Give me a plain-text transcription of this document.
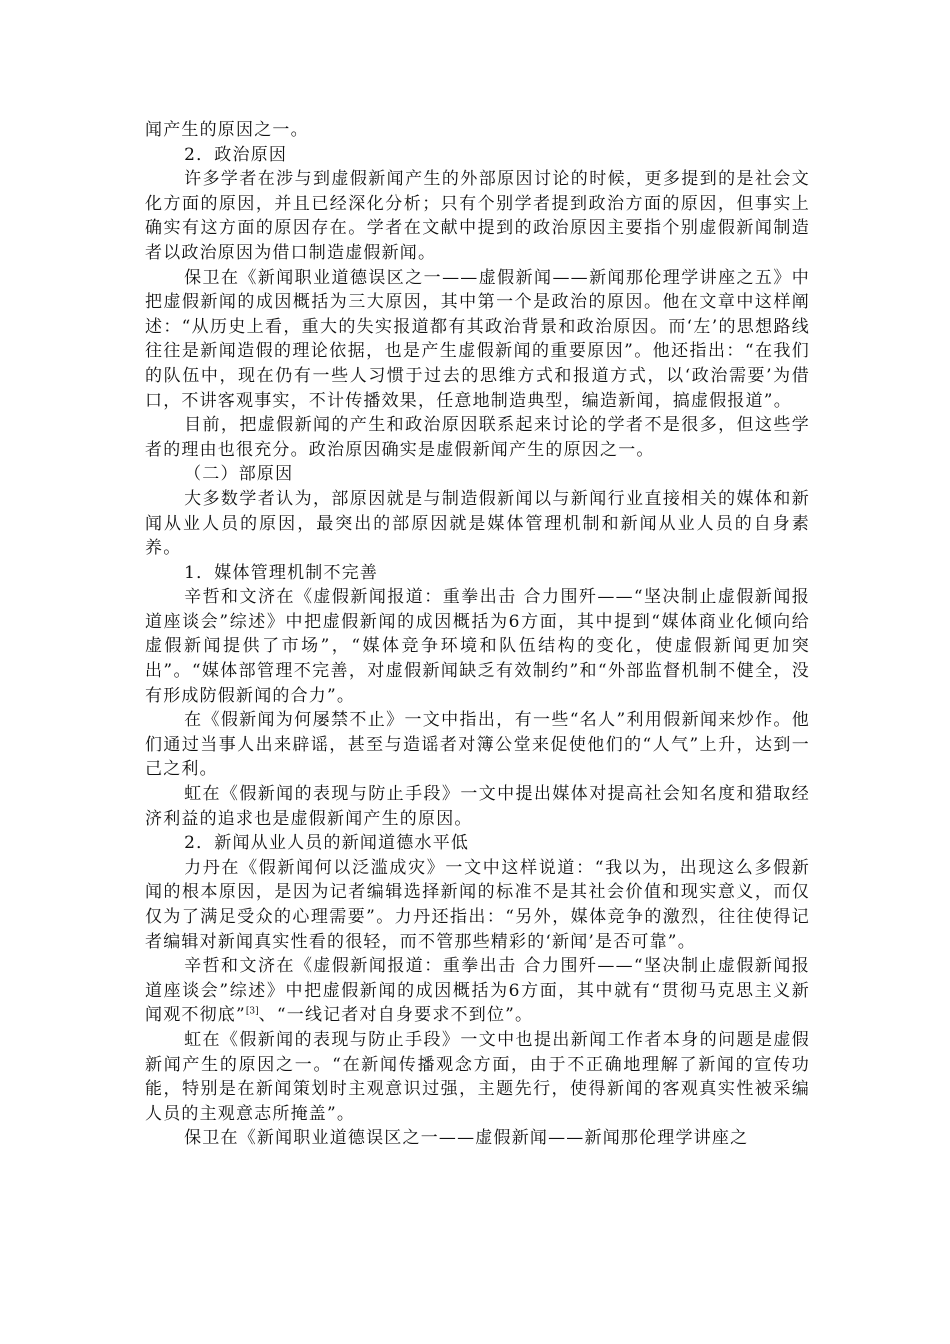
闻产生的原因之一。

2．政治原因

许多学者在涉与到虚假新闻产生的外部原因讨论的时候，更多提到的是社会文化方面的原因，并且已经深化分析；只有个别学者提到政治方面的原因，但事实上确实有这方面的原因存在。学者在文献中提到的政治原因主要指个别虚假新闻制造者以政治原因为借口制造虚假新闻。

保卫在《新闻职业道德误区之一——虚假新闻——新闻那伦理学讲座之五》中把虚假新闻的成因概括为三大原因，其中第一个是政治的原因。他在文章中这样阐述：“从历史上看，重大的失实报道都有其政治背景和政治原因。而‘左’的思想路线往往是新闻造假的理论依据，也是产生虚假新闻的重要原因”。他还指出：“在我们的队伍中，现在仍有一些人习惯于过去的思维方式和报道方式，以‘政治需要’为借口，不讲客观事实，不计传播效果，任意地制造典型，编造新闻，搞虚假报道”。

目前，把虚假新闻的产生和政治原因联系起来讨论的学者不是很多，但这些学者的理由也很充分。政治原因确实是虚假新闻产生的原因之一。

（二）部原因

大多数学者认为，部原因就是与制造假新闻以与新闻行业直接相关的媒体和新闻从业人员的原因，最突出的部原因就是媒体管理机制和新闻从业人员的自身素养。

1．媒体管理机制不完善

辛哲和文济在《虚假新闻报道：重拳出击 合力围歼——“坚决制止虚假新闻报道座谈会”综述》中把虚假新闻的成因概括为6方面，其中提到“媒体商业化倾向给虚假新闻提供了市场”，“媒体竞争环境和队伍结构的变化，使虚假新闻更加突出”。“媒体部管理不完善，对虚假新闻缺乏有效制约”和“外部监督机制不健全，没有形成防假新闻的合力”。

在《假新闻为何屡禁不止》一文中指出，有一些“名人”利用假新闻来炒作。他们通过当事人出来辟谣，甚至与造谣者对簿公堂来促使他们的“人气”上升，达到一己之利。

虹在《假新闻的表现与防止手段》一文中提出媒体对提高社会知名度和猎取经济利益的追求也是虚假新闻产生的原因。

2．新闻从业人员的新闻道德水平低

力丹在《假新闻何以泛滥成灾》一文中这样说道：“我以为，出现这么多假新闻的根本原因，是因为记者编辑选择新闻的标准不是其社会价值和现实意义，而仅仅为了满足受众的心理需要”。力丹还指出：“另外，媒体竞争的激烈，往往使得记者编辑对新闻真实性看的很轻，而不管那些精彩的‘新闻’是否可靠”。

辛哲和文济在《虚假新闻报道：重拳出击 合力围歼——“坚决制止虚假新闻报道座谈会”综述》中把虚假新闻的成因概括为6方面，其中就有“贯彻马克思主义新闻观不彻底”[3]、“一线记者对自身要求不到位”。

虹在《假新闻的表现与防止手段》一文中也提出新闻工作者本身的问题是虚假新闻产生的原因之一。“在新闻传播观念方面，由于不正确地理解了新闻的宣传功能，特别是在新闻策划时主观意识过强，主题先行，使得新闻的客观真实性被采编人员的主观意志所掩盖”。

保卫在《新闻职业道德误区之一——虚假新闻——新闻那伦理学讲座之
